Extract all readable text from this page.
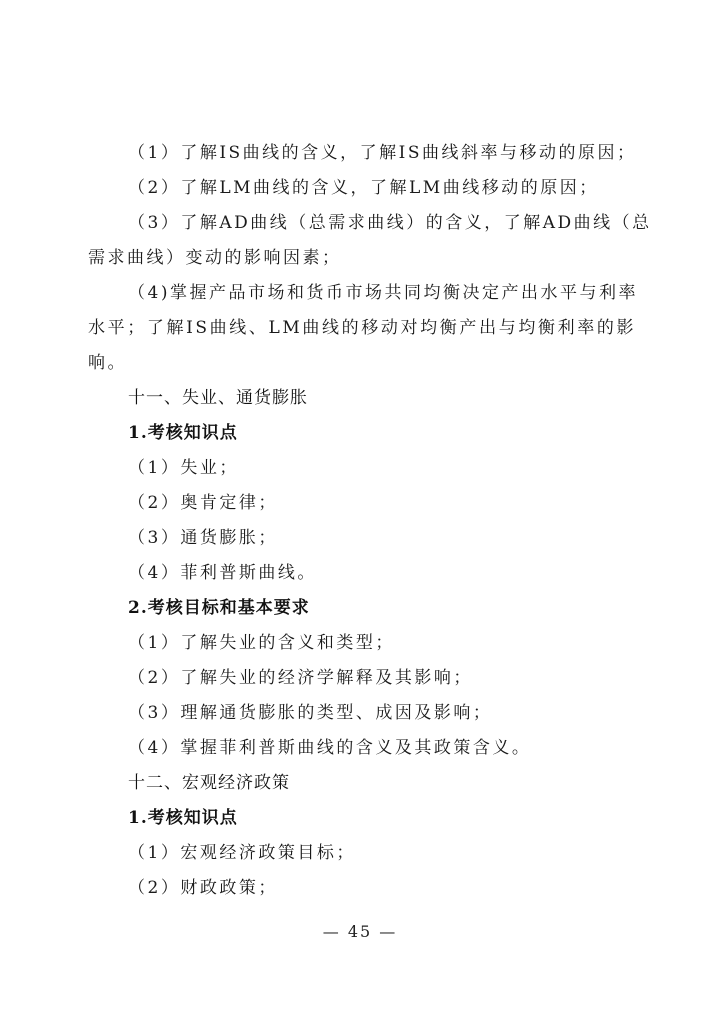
（1）了解IS曲线的含义，了解IS曲线斜率与移动的原因；
（2）了解LM曲线的含义，了解LM曲线移动的原因；
（3）了解AD曲线（总需求曲线）的含义，了解AD曲线（总
需求曲线）变动的影响因素；
（4)掌握产品市场和货币市场共同均衡决定产出水平与利率
水平；了解IS曲线、LM曲线的移动对均衡产出与均衡利率的影
响。
十一、失业、通货膨胀
1.考核知识点
（1）失业；
（2）奥肯定律；
（3）通货膨胀；
（4）菲利普斯曲线。
2.考核目标和基本要求
（1）了解失业的含义和类型；
（2）了解失业的经济学解释及其影响；
（3）理解通货膨胀的类型、成因及影响；
（4）掌握菲利普斯曲线的含义及其政策含义。
十二、宏观经济政策
1.考核知识点
（1）宏观经济政策目标；
（2）财政政策；
— 45 —
